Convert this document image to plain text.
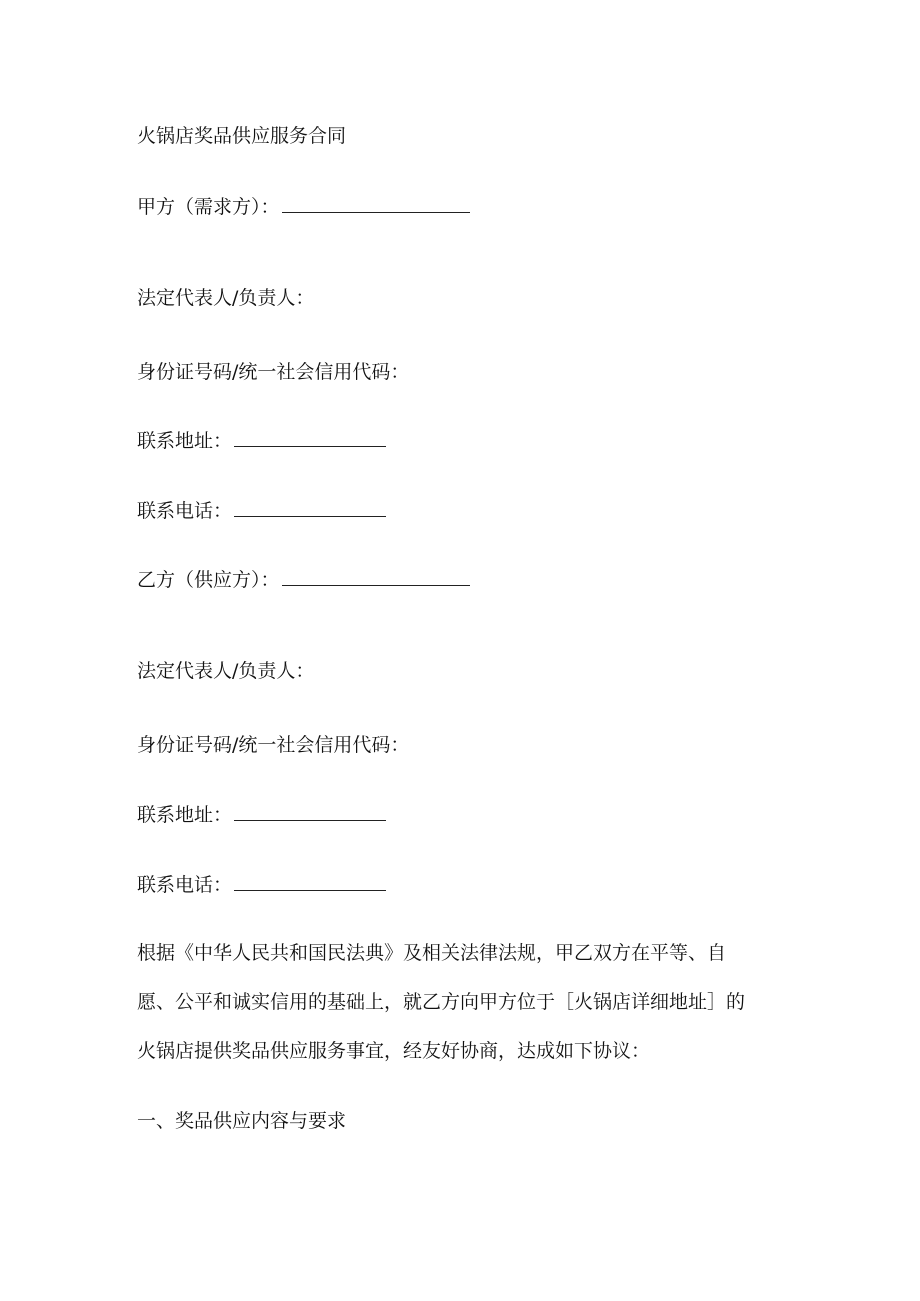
火锅店奖品供应服务合同
甲方（需求方）：
法定代表人/负责人：
身份证号码/统一社会信用代码：
联系地址：
联系电话：
乙方（供应方）：
法定代表人/负责人：
身份证号码/统一社会信用代码：
联系地址：
联系电话：
根据《中华人民共和国民法典》及相关法律法规，甲乙双方在平等、自
愿、公平和诚实信用的基础上，就乙方向甲方位于［火锅店详细地址］的
火锅店提供奖品供应服务事宜，经友好协商，达成如下协议：
一、奖品供应内容与要求
